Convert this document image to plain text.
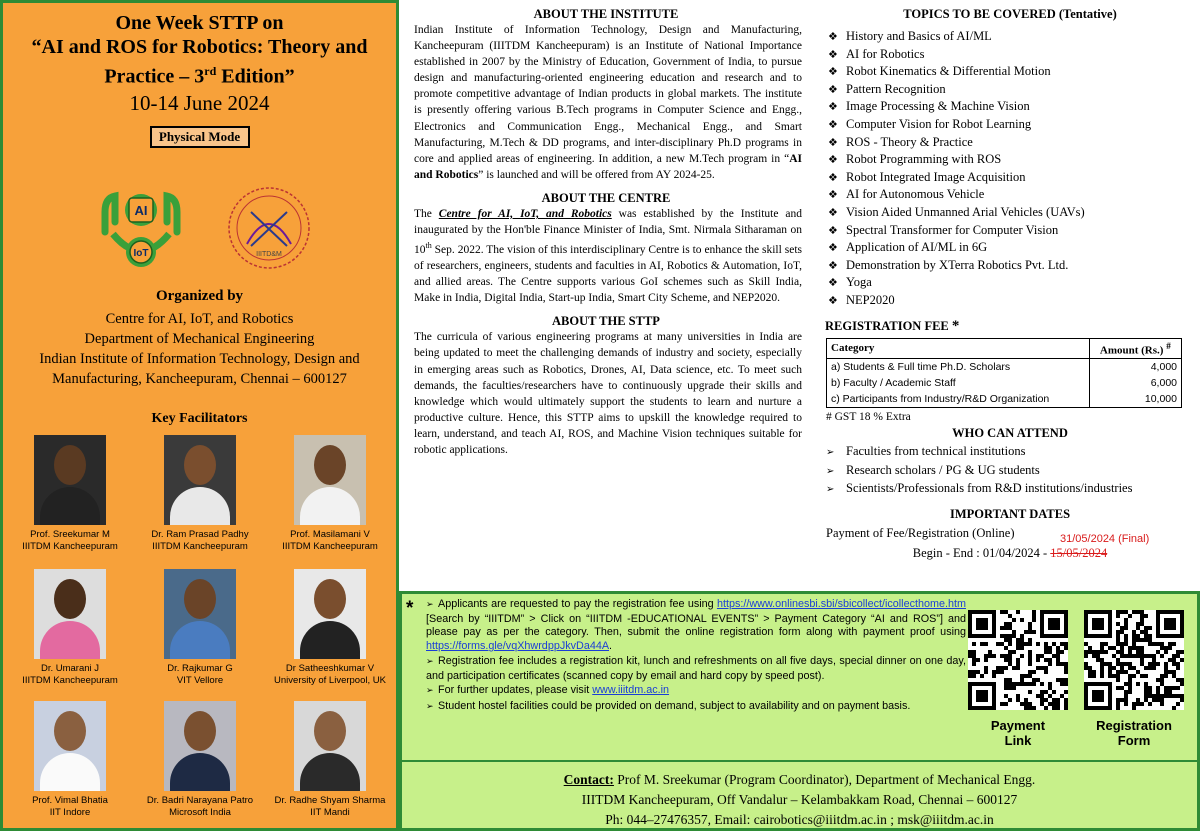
One Week STTP on
“AI and ROS for Robotics: Theory and
Practice – 3rd Edition”
10-14 June 2024
Physical Mode
AI
IoT	IIITD&M
Organized by
Centre for AI, IoT, and Robotics
Department of Mechanical Engineering
Indian Institute of Information Technology, Design and
Manufacturing, Kancheepuram, Chennai – 600127
Key Facilitators
Prof. Sreekumar M
IIITDM Kancheepuram
Dr. Ram Prasad Padhy
IIITDM Kancheepuram
Prof. Masilamani V
IIITDM Kancheepuram
Dr. Umarani J
IIITDM Kancheepuram
Dr. Rajkumar G
VIT Vellore
Dr Satheeshkumar V
University of Liverpool, UK
Prof. Vimal Bhatia
IIT Indore
Dr. Badri Narayana Patro
Microsoft India
Dr. Radhe Shyam Sharma
IIT Mandi
ABOUT THE INSTITUTE

Indian Institute of Information Technology, Design and Manufacturing, Kancheepuram (IIITDM Kancheepuram) is an Institute of National Importance established in 2007 by the Ministry of Education, Government of India, to pursue design and manufacturing-oriented engineering education and research and to promote competitive advantage of Indian products in global markets. The institute is presently offering various B.Tech programs in Computer Science and Engg., Electronics and Communication Engg., Mechanical Engg., and Smart Manufacturing, M.Tech & DD programs, and inter-disciplinary Ph.D programs in core and applied areas of engineering. In addition, a new M.Tech program in “AI and Robotics” is launched and will be offered from AY 2024-25.

ABOUT THE CENTRE

The Centre for AI, IoT, and Robotics was established by the Institute and inaugurated by the Hon'ble Finance Minister of India, Smt. Nirmala Sitharaman on 10th Sep. 2022. The vision of this interdisciplinary Centre is to enhance the skill sets of researchers, engineers, students and faculties in AI, Robotics & Automation, IoT, and allied areas. The Centre supports various GoI schemes such as Skill India, Make in India, Digital India, Start-up India, Smart City Scheme, and NEP2020.

ABOUT THE STTP

The curricula of various engineering programs at many universities in India are being updated to meet the challenging demands of industry and society, especially in emerging areas such as Robotics, Drones, AI, Data science, etc. To meet such demands, the faculties/researchers have to continuously upgrade their skills and knowledge which would ultimately support the students to learn and nurture a productive culture. Hence, this STTP aims to upskill the knowledge required to learn, understand, and teach AI, ROS, and Machine Vision techniques suitable for robotic applications.

TOPICS TO BE COVERED (Tentative)
❖ History and Basics of AI/ML
❖ AI for Robotics
❖ Robot Kinematics & Differential Motion
❖ Pattern Recognition
❖ Image Processing & Machine Vision
❖ Computer Vision for Robot Learning
❖ ROS - Theory & Practice
❖ Robot Programming with ROS
❖ Robot Integrated Image Acquisition
❖ AI for Autonomous Vehicle
❖ Vision Aided Unmanned Arial Vehicles (UAVs)
❖ Spectral Transformer for Computer Vision
❖ Application of AI/ML in 6G
❖ Demonstration by XTerra Robotics Pvt. Ltd.
❖ Yoga
❖ NEP2020
REGISTRATION FEE *
Category	Amount (Rs.) #
a) Students & Full time Ph.D. Scholars	4,000
b) Faculty / Academic Staff	6,000
c) Participants from Industry/R&D Organization	10,000
# GST 18 % Extra
WHO CAN ATTEND
➢ Faculties from technical institutions
➢ Research scholars / PG & UG students
➢ Scientists/Professionals from R&D institutions/industries
IMPORTANT DATES
Payment of Fee/Registration (Online)	31/05/2024 (Final)
Begin - End : 01/04/2024 - 15/05/2024
* ➢ Applicants are requested to pay the registration fee using https://www.onlinesbi.sbi/sbicollect/icollecthome.htm [Search by “IIITDM” > Click on “IIITDM -EDUCATIONAL EVENTS” > Payment Category “AI and ROS”] and please pay as per the category. Then, submit the online registration form along with payment proof using https://forms.gle/vqXhwrdppJkvDa44A.
➢ Registration fee includes a registration kit, lunch and refreshments on all five days, special dinner on one day, and participation certificates (scanned copy by email and hard copy by speed post).
➢ For further updates, please visit www.iiitdm.ac.in
➢ Student hostel facilities could be provided on demand, subject to availability and on payment basis.
Payment
Link
Registration
Form
Contact: Prof M. Sreekumar (Program Coordinator), Department of Mechanical Engg.
IIITDM Kancheepuram, Off Vandalur – Kelambakkam Road, Chennai – 600127
Ph: 044–27476357, Email: cairobotics@iiitdm.ac.in ; msk@iiitdm.ac.in
